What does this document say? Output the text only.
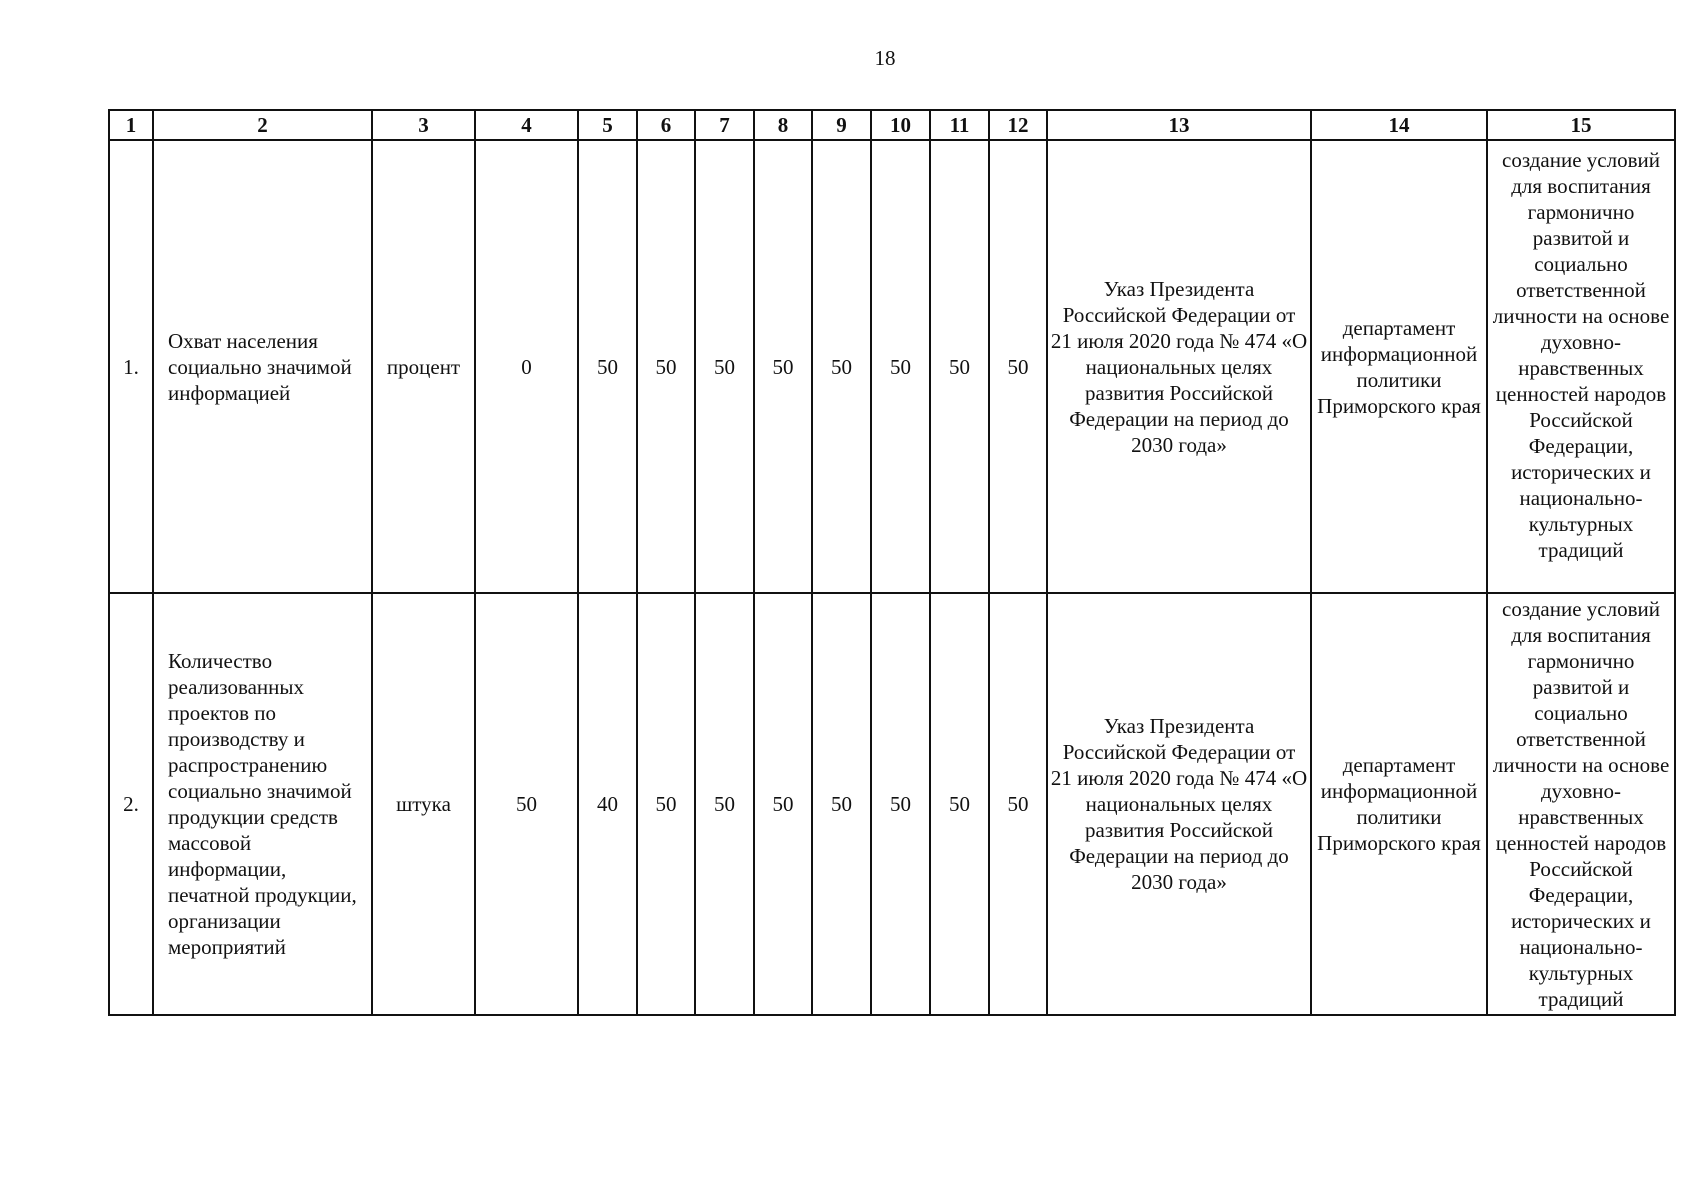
18
1	2	3	4	5	6	7	8	9	10	11	12	13	14	15
1.	Охват населения социально значимой информацией	процент	0	50	50	50	50	50	50	50	50	Указ Президента Российской Федерации от 21 июля 2020 года № 474 «О национальных целях развития Российской Федерации на период до 2030 года»	департамент информационной политики Приморского края	создание условий для воспитания гармонично развитой и социально ответственной личности на основе духовно-нравственных ценностей народов Российской Федерации, исторических и национально-культурных традиций
2.	Количество реализованных проектов по производству и распространению социально значимой продукции средств массовой информации, печатной продукции, организации мероприятий	штука	50	40	50	50	50	50	50	50	50	Указ Президента Российской Федерации от 21 июля 2020 года № 474 «О национальных целях развития Российской Федерации на период до 2030 года»	департамент информационной политики Приморского края	создание условий для воспитания гармонично развитой и социально ответственной личности на основе духовно-нравственных ценностей народов Российской Федерации, исторических и национально-культурных традиций
